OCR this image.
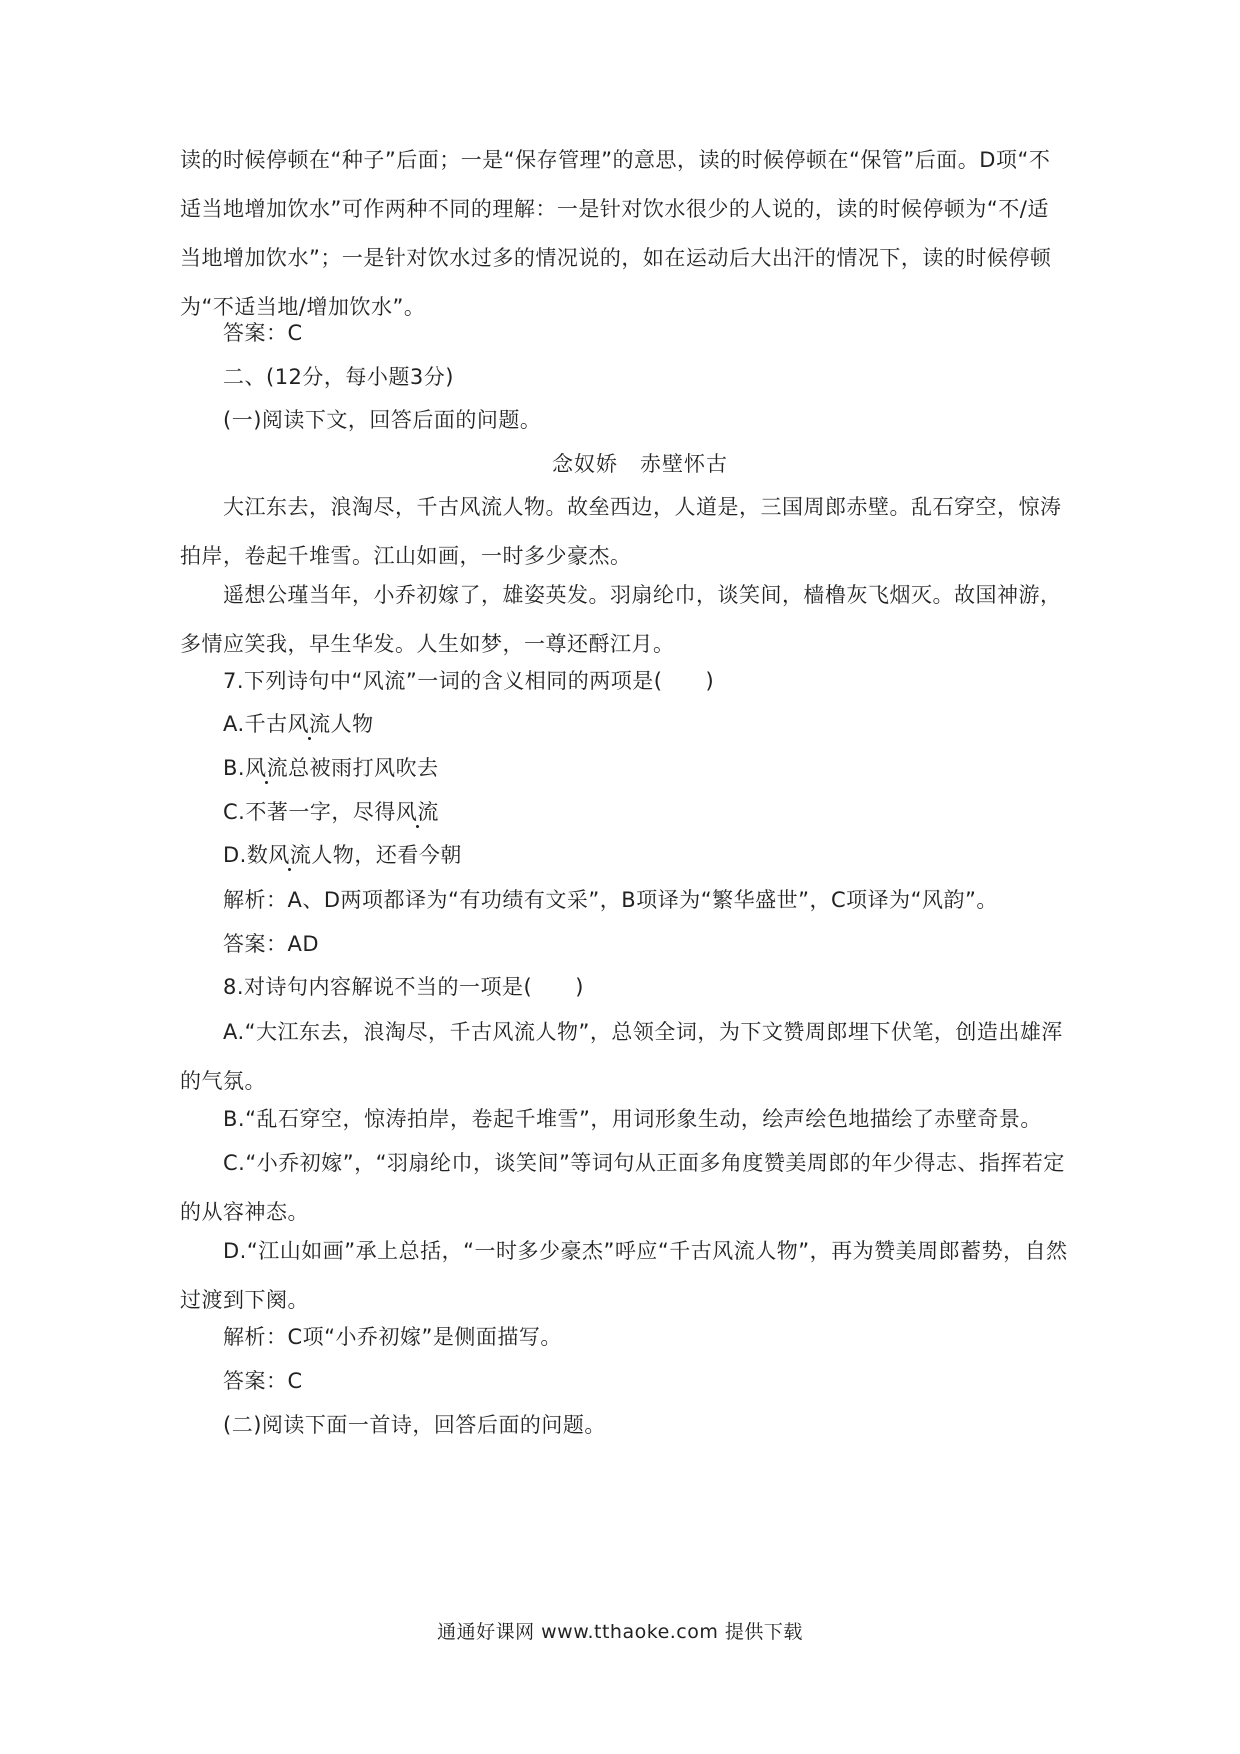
读的时候停顿在“种子”后面；一是“保存管理”的意思，读的时候停顿在“保管”后面。D项“不适当地增加饮水”可作两种不同的理解：一是针对饮水很少的人说的，读的时候停顿为“不/适当地增加饮水”；一是针对饮水过多的情况说的，如在运动后大出汗的情况下，读的时候停顿为“不适当地/增加饮水”。

答案：C

二、(12分，每小题3分)

(一)阅读下文，回答后面的问题。

念奴娇　赤壁怀古

大江东去，浪淘尽，千古风流人物。故垒西边，人道是，三国周郎赤壁。乱石穿空，惊涛拍岸，卷起千堆雪。江山如画，一时多少豪杰。

遥想公瑾当年，小乔初嫁了，雄姿英发。羽扇纶巾，谈笑间，樯橹灰飞烟灭。故国神游，多情应笑我，早生华发。人生如梦，一尊还酹江月。

7.下列诗句中“风流”一词的含义相同的两项是(　　)

A.千古风流人物

B.风流总被雨打风吹去

C.不著一字，尽得风流

D.数风流人物，还看今朝

解析：A、D两项都译为“有功绩有文采”，B项译为“繁华盛世”，C项译为“风韵”。

答案：AD

8.对诗句内容解说不当的一项是(　　)

A.“大江东去，浪淘尽，千古风流人物”，总领全词，为下文赞周郎埋下伏笔，创造出雄浑的气氛。

B.“乱石穿空，惊涛拍岸，卷起千堆雪”，用词形象生动，绘声绘色地描绘了赤壁奇景。

C.“小乔初嫁”，“羽扇纶巾，谈笑间”等词句从正面多角度赞美周郎的年少得志、指挥若定的从容神态。

D.“江山如画”承上总括，“一时多少豪杰”呼应“千古风流人物”，再为赞美周郎蓄势，自然过渡到下阕。

解析：C项“小乔初嫁”是侧面描写。

答案：C

(二)阅读下面一首诗，回答后面的问题。

通通好课网 www.tthaoke.com 提供下载
